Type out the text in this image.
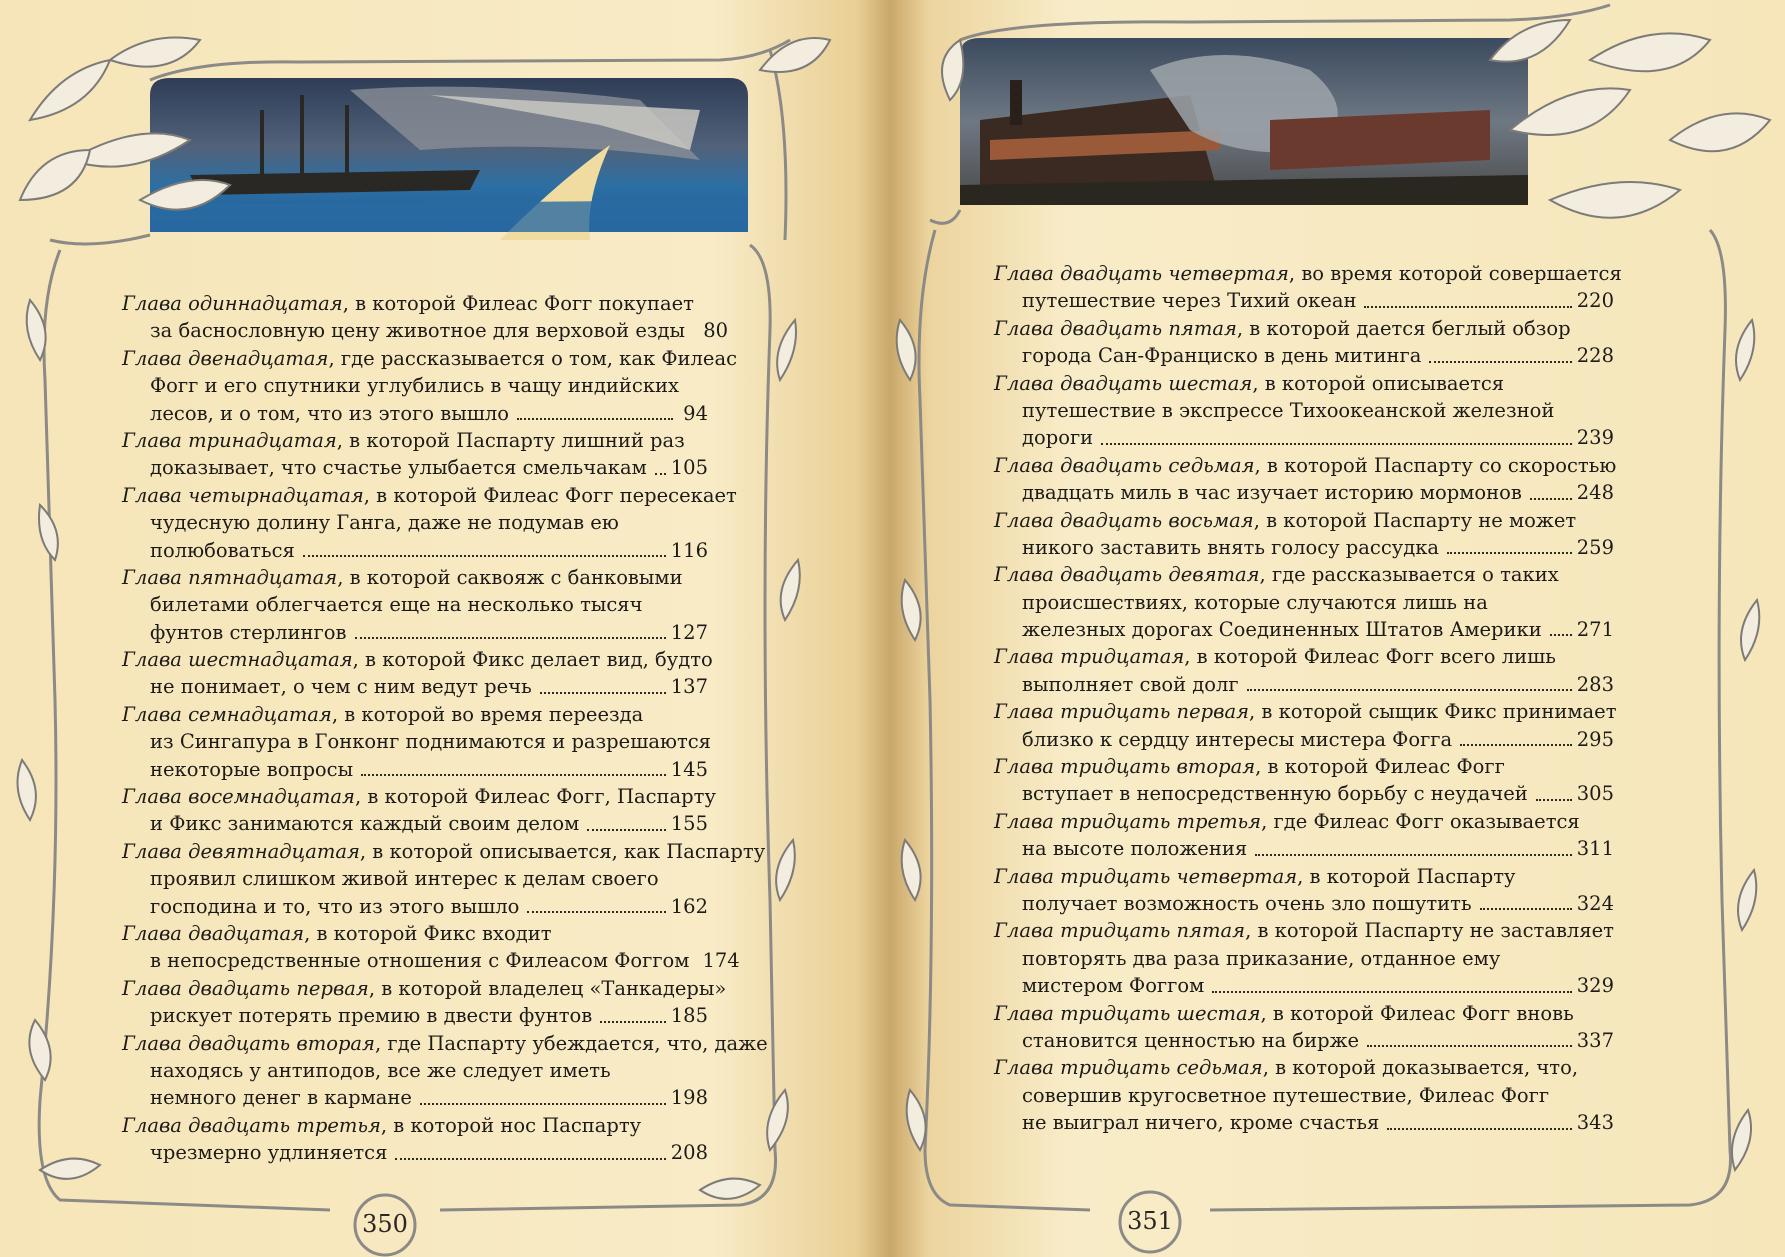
Глава одиннадцатая , в которой Филеас Фогг покупает
за баснословную цену животное для верховой езды 80
Глава двенадцатая , где рассказывается о том, как Филеас
Фогг и его спутники углубились в чащу индийских
лесов, и о том, что из этого вышло	94
Глава тринадцатая , в которой Паспарту лишний раз
доказывает, что счастье улыбается смельчакам 105
Глава четырнадцатая , в которой Филеас Фогг пересекает
чудесную долину Ганга, даже не подумав ею
полюбоваться	116
Глава пятнадцатая , в которой саквояж с банковыми
билетами облегчается еще на несколько тысяч
фунтов стерлингов	127
Глава шестнадцатая , в которой Фикс делает вид, будто
не понимает, о чем с ним ведут речь	137
Глава семнадцатая , в которой во время переезда
из Сингапура в Гонконг поднимаются и разрешаются
некоторые вопросы	145
Глава восемнадцатая , в которой Филеас Фогг, Паспарту
и Фикс занимаются каждый своим делом	155
Глава девятнадцатая , в которой описывается, как Паспарту
проявил слишком живой интерес к делам своего
господина и то, что из этого вышло	162
Глава двадцатая , в которой Фикс входит
в непосредственные отношения с Филеасом Фоггом 174
Глава двадцать первая , в которой владелец «Танкадеры»
рискует потерять премию в двести фунтов	185
Глава двадцать вторая , где Паспарту убеждается, что, даже
находясь у антиподов, все же следует иметь
немного денег в кармане	198
Глава двадцать третья , в которой нос Паспарту
чрезмерно удлиняется	208
350
Глава двадцать четвертая , во время которой совершается
путешествие через Тихий океан	220
Глава двадцать пятая , в которой дается беглый обзор
города Сан-Франциско в день митинга	228
Глава двадцать шестая , в которой описывается
путешествие в экспрессе Тихоокеанской железной
дороги	239
Глава двадцать седьмая , в которой Паспарту со скоростью
двадцать миль в час изучает историю мормонов	248
Глава двадцать восьмая , в которой Паспарту не может
никого заставить внять голосу рассудка	259
Глава двадцать девятая , где рассказывается о таких
происшествиях, которые случаются лишь на
железных дорогах Соединенных Штатов Америки 271
Глава тридцатая , в которой Филеас Фогг всего лишь
выполняет свой долг	283
Глава тридцать первая , в которой сыщик Фикс принимает
близко к сердцу интересы мистера Фогга	295
Глава тридцать вторая , в которой Филеас Фогг
вступает в непосредственную борьбу с неудачей	305
Глава тридцать третья , где Филеас Фогг оказывается
на высоте положения	311
Глава тридцать четвертая , в которой Паспарту
получает возможность очень зло пошутить	324
Глава тридцать пятая , в которой Паспарту не заставляет
повторять два раза приказание, отданное ему
мистером Фоггом	329
Глава тридцать шестая , в которой Филеас Фогг вновь
становится ценностью на бирже	337
Глава тридцать седьмая , в которой доказывается, что,
совершив кругосветное путешествие, Филеас Фогг
не выиграл ничего, кроме счастья	343
351
